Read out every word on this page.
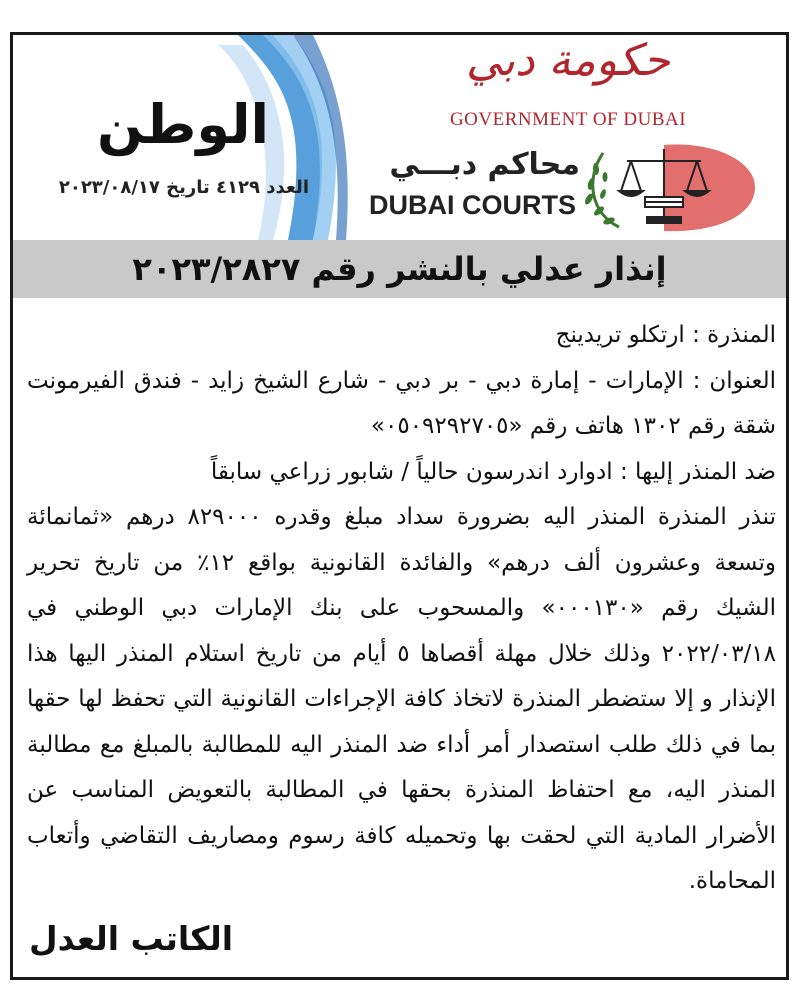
الوطن
العدد ٤١٢٩ تاريخ ٢٠٢٣/٠٨/١٧
حكومة دبي
GOVERNMENT OF DUBAI
محاكم دبـــي
DUBAI COURTS
إنذار عدلي بالنشر رقم ٢٠٢٣/٢٨٢٧

المنذرة : ارتكلو تريدينج

العنوان : الإمارات - إمارة دبي - بر دبي - شارع الشيخ زايد - فندق الفيرمونت شقة رقم ١٣٠٢ هاتف رقم «٠٥٠٩٢٩٢٧٠٥»

ضد المنذر إليها : ادوارد اندرسون حالياً / شابور زراعي سابقاً

تنذر المنذرة المنذر اليه بضرورة سداد مبلغ وقدره ٨٢٩٠٠٠ درهم «ثمانمائة وتسعة وعشرون ألف درهم» والفائدة القانونية بواقع ١٢٪ من تاريخ تحرير الشيك رقم «٠٠٠١٣٠» والمسحوب على بنك الإمارات دبي الوطني في ٢٠٢٢/٠٣/١٨ وذلك خلال مهلة أقصاها ٥ أيام من تاريخ استلام المنذر اليها هذا الإنذار و إلا ستضطر المنذرة لاتخاذ كافة الإجراءات القانونية التي تحفظ لها حقها بما في ذلك طلب استصدار أمر أداء ضد المنذر اليه للمطالبة بالمبلغ مع مطالبة المنذر اليه، مع احتفاظ المنذرة بحقها في المطالبة بالتعويض المناسب عن الأضرار المادية التي لحقت بها وتحميله كافة رسوم ومصاريف التقاضي وأتعاب المحاماة.

الكاتب العدل
